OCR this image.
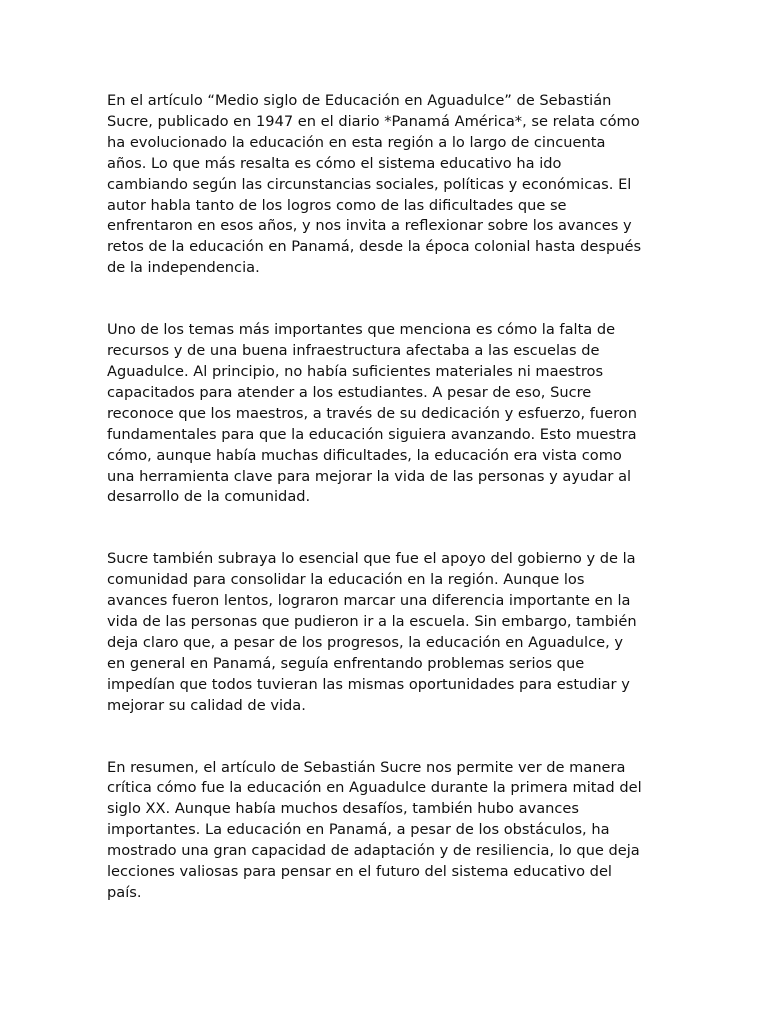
En el artículo “Medio siglo de Educación en Aguadulce” de Sebastián
Sucre, publicado en 1947 en el diario *Panamá América*, se relata cómo
ha evolucionado la educación en esta región a lo largo de cincuenta
años. Lo que más resalta es cómo el sistema educativo ha ido
cambiando según las circunstancias sociales, políticas y económicas. El
autor habla tanto de los logros como de las dificultades que se
enfrentaron en esos años, y nos invita a reflexionar sobre los avances y
retos de la educación en Panamá, desde la época colonial hasta después
de la independencia.

Uno de los temas más importantes que menciona es cómo la falta de
recursos y de una buena infraestructura afectaba a las escuelas de
Aguadulce. Al principio, no había suficientes materiales ni maestros
capacitados para atender a los estudiantes. A pesar de eso, Sucre
reconoce que los maestros, a través de su dedicación y esfuerzo, fueron
fundamentales para que la educación siguiera avanzando. Esto muestra
cómo, aunque había muchas dificultades, la educación era vista como
una herramienta clave para mejorar la vida de las personas y ayudar al
desarrollo de la comunidad.

Sucre también subraya lo esencial que fue el apoyo del gobierno y de la
comunidad para consolidar la educación en la región. Aunque los
avances fueron lentos, lograron marcar una diferencia importante en la
vida de las personas que pudieron ir a la escuela. Sin embargo, también
deja claro que, a pesar de los progresos, la educación en Aguadulce, y
en general en Panamá, seguía enfrentando problemas serios que
impedían que todos tuvieran las mismas oportunidades para estudiar y
mejorar su calidad de vida.

En resumen, el artículo de Sebastián Sucre nos permite ver de manera
crítica cómo fue la educación en Aguadulce durante la primera mitad del
siglo XX. Aunque había muchos desafíos, también hubo avances
importantes. La educación en Panamá, a pesar de los obstáculos, ha
mostrado una gran capacidad de adaptación y de resiliencia, lo que deja
lecciones valiosas para pensar en el futuro del sistema educativo del
país.
